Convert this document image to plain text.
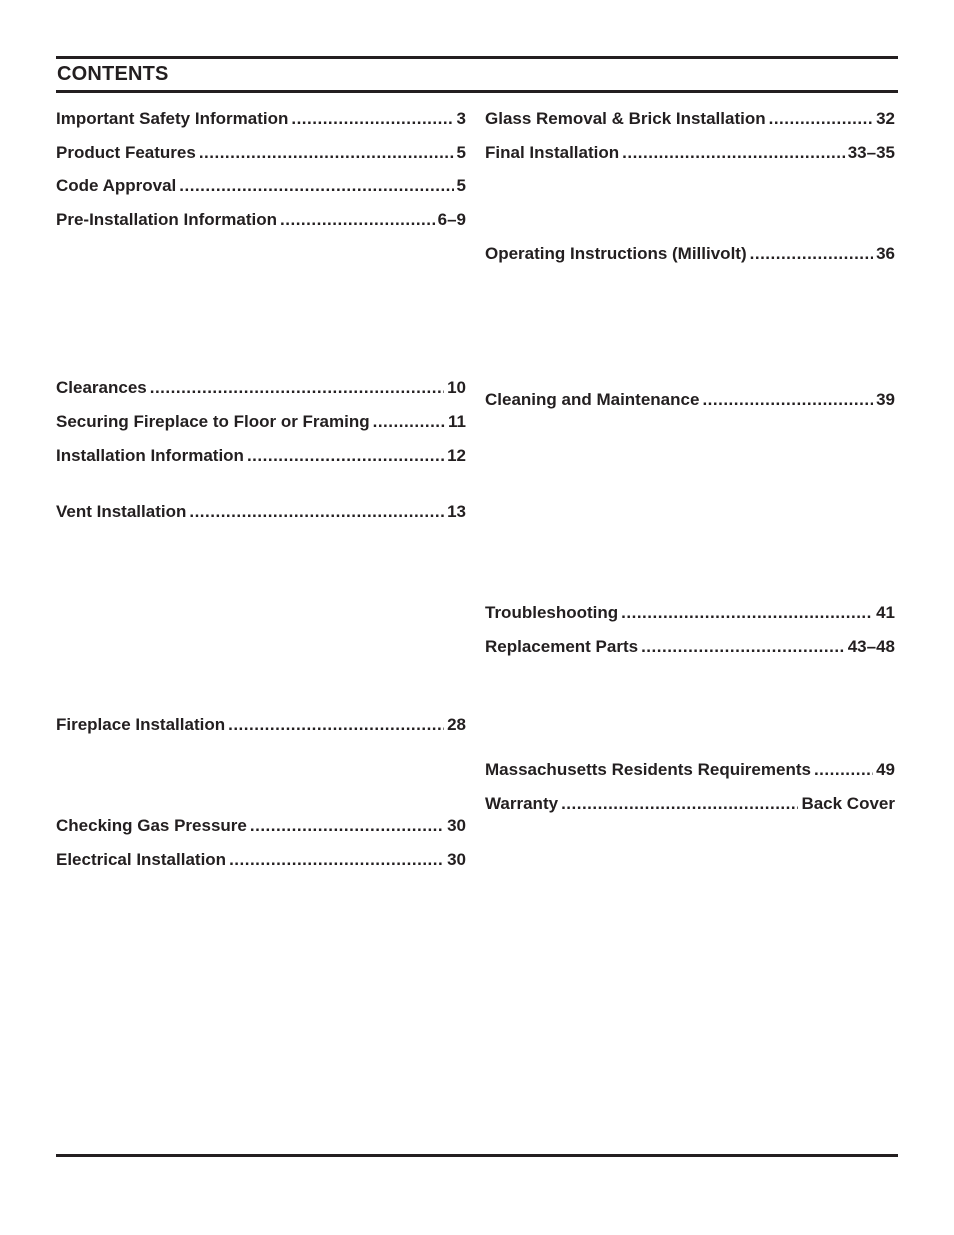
CONTENTS
Important Safety Information .....	3
Product Features .....	5
Code Approval .....	5
Pre-Installation Information .....	6–9
Clearances .....	10
Securing Fireplace to Floor or Framing .....	11
Installation Information .....	12
Vent Installation .....	13
Fireplace Installation .....	28
Checking Gas Pressure .....	30
Electrical Installation .....	30
Glass Removal & Brick Installation .....	32
Final Installation .....	33–35
Operating Instructions (Millivolt) .....	36
Cleaning and Maintenance .....	39
Troubleshooting .....	41
Replacement Parts .....	43–48
Massachusetts Residents Requirements .....	49
Warranty .....	Back Cover
